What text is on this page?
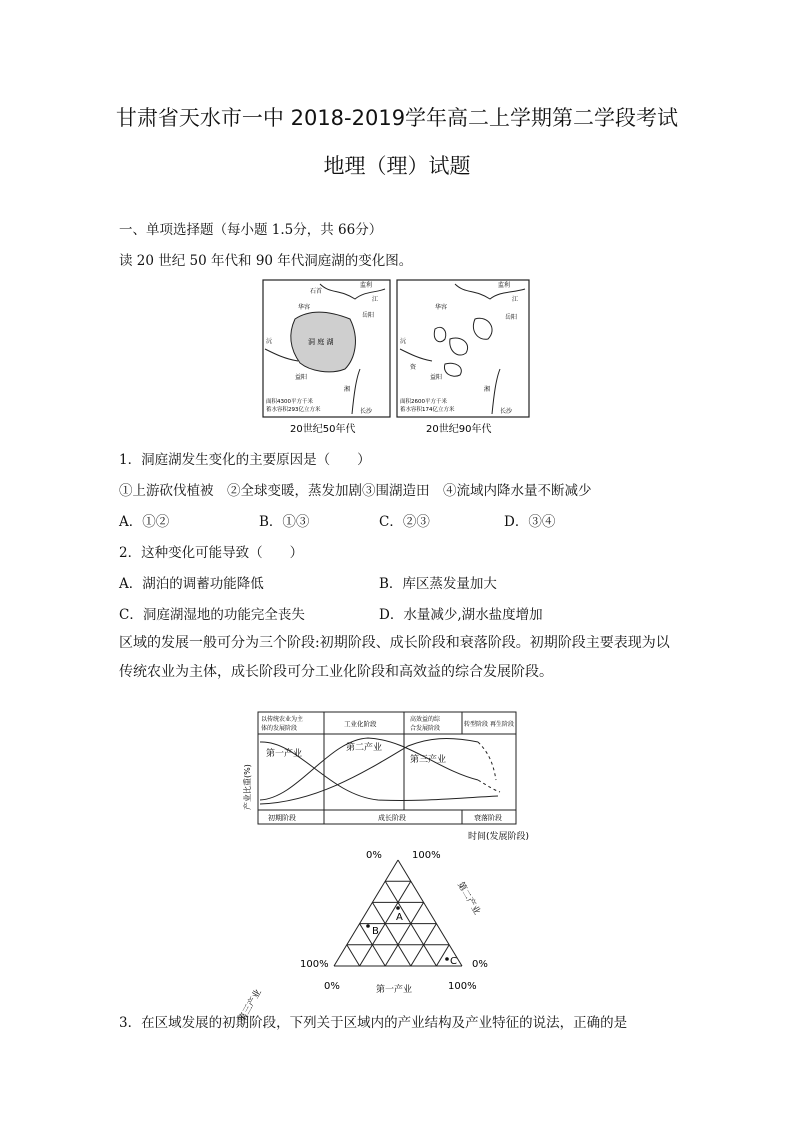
甘肃省天水市一中 2018-2019学年高二上学期第二学段考试
地理（理）试题
一、单项选择题（每小题 1.5分，共 66分）
读 20 世纪 50 年代和 90 年代洞庭湖的变化图。
洞 庭 湖
石首
华容
岳阳
监利
益阳
长沙
沅
湘
江
面积4300平方千米
蓄水容积293亿立方米
20世纪50年代
华容
岳阳
监利
益阳
长沙
沅
湘
江
资
面积2600平方千米
蓄水容积174亿立方米
20世纪90年代
1．洞庭湖发生变化的主要原因是（　　）
①上游砍伐植被　②全球变暖，蒸发加剧③围湖造田　④流域内降水量不断减少
A．①②	B．①③	C．②③	D．③④
2．这种变化可能导致（　　）
A．湖泊的调蓄功能降低	B．库区蒸发量加大
C．洞庭湖湿地的功能完全丧失	D．水量减少,湖水盐度增加
区域的发展一般可分为三个阶段:初期阶段、成长阶段和衰落阶段。初期阶段主要表现为以传统农业为主体，成长阶段可分工业化阶段和高效益的综合发展阶段。
产业比重(%)
以传统农业为主
体的发展阶段
工业化阶段
高效益的综
合发展阶段
转型阶段 再生阶段
第一产业
第二产业
第三产业
初期阶段	成长阶段	衰落阶段
时间(发展阶段)
0%	100%
100%	0%
0%	100%
第三产业
第二产业
第一产业
A
B
C
3．在区域发展的初期阶段，下列关于区域内的产业结构及产业特征的说法，正确的是
